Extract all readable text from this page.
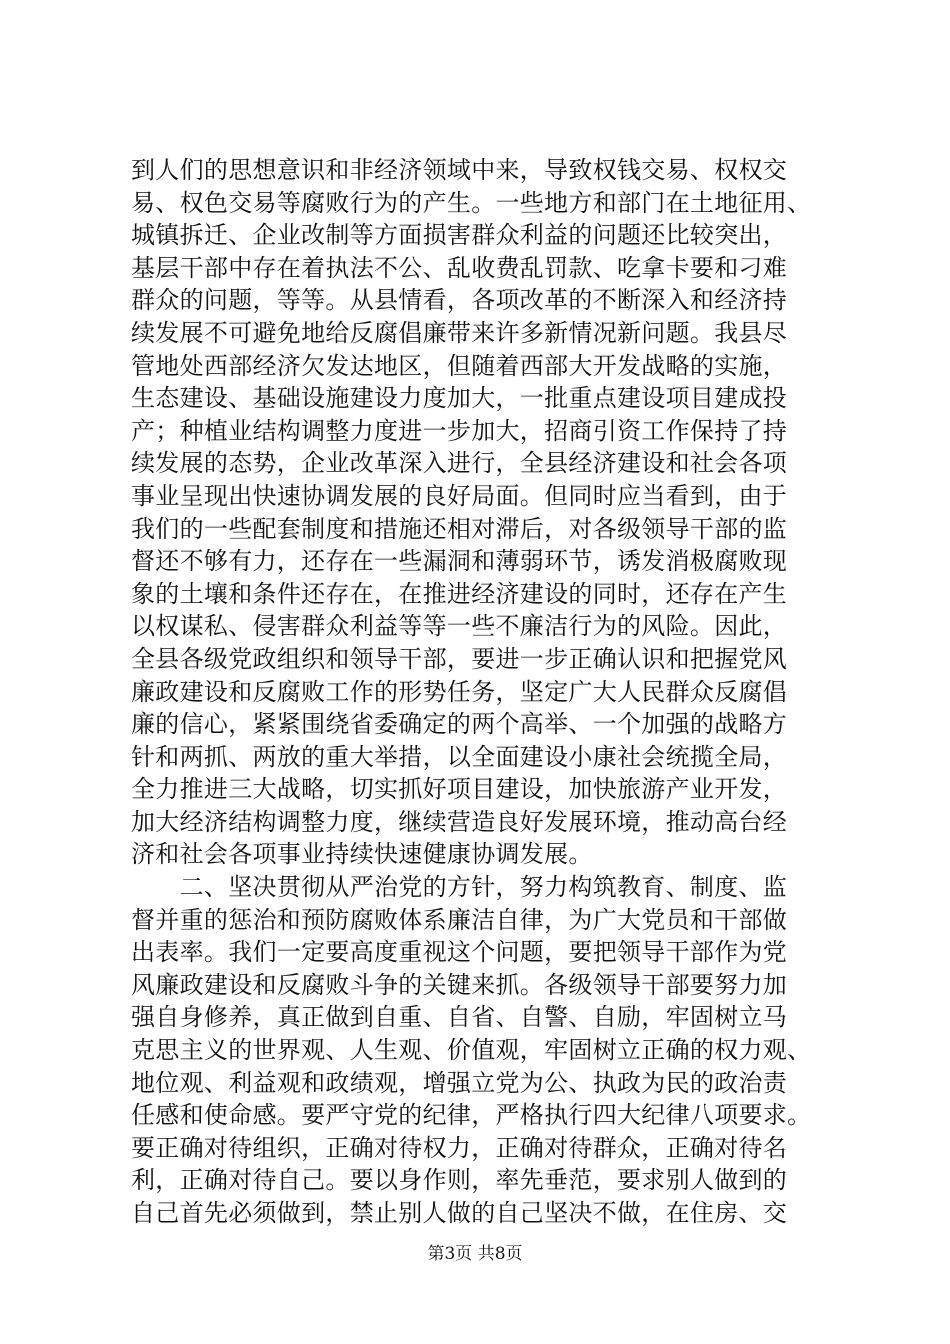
到人们的思想意识和非经济领域中来，导致权钱交易、权权交
易、权色交易等腐败行为的产生。一些地方和部门在土地征用、
城镇拆迁、企业改制等方面损害群众利益的问题还比较突出，
基层干部中存在着执法不公、乱收费乱罚款、吃拿卡要和刁难
群众的问题，等等。从县情看，各项改革的不断深入和经济持
续发展不可避免地给反腐倡廉带来许多新情况新问题。我县尽
管地处西部经济欠发达地区，但随着西部大开发战略的实施，
生态建设、基础设施建设力度加大，一批重点建设项目建成投
产；种植业结构调整力度进一步加大，招商引资工作保持了持
续发展的态势，企业改革深入进行，全县经济建设和社会各项
事业呈现出快速协调发展的良好局面。但同时应当看到，由于
我们的一些配套制度和措施还相对滞后，对各级领导干部的监
督还不够有力，还存在一些漏洞和薄弱环节，诱发消极腐败现
象的土壤和条件还存在，在推进经济建设的同时，还存在产生
以权谋私、侵害群众利益等等一些不廉洁行为的风险。因此，
全县各级党政组织和领导干部，要进一步正确认识和把握党风
廉政建设和反腐败工作的形势任务，坚定广大人民群众反腐倡
廉的信心，紧紧围绕省委确定的两个高举、一个加强的战略方
针和两抓、两放的重大举措，以全面建设小康社会统揽全局，
全力推进三大战略，切实抓好项目建设，加快旅游产业开发，
加大经济结构调整力度，继续营造良好发展环境，推动高台经
济和社会各项事业持续快速健康协调发展。
　　二、坚决贯彻从严治党的方针，努力构筑教育、制度、监
督并重的惩治和预防腐败体系廉洁自律，为广大党员和干部做
出表率。我们一定要高度重视这个问题，要把领导干部作为党
风廉政建设和反腐败斗争的关键来抓。各级领导干部要努力加
强自身修养，真正做到自重、自省、自警、自励，牢固树立马
克思主义的世界观、人生观、价值观，牢固树立正确的权力观、
地位观、利益观和政绩观，增强立党为公、执政为民的政治责
任感和使命感。要严守党的纪律，严格执行四大纪律八项要求。
要正确对待组织，正确对待权力，正确对待群众，正确对待名
利，正确对待自己。要以身作则，率先垂范，要求别人做到的
自己首先必须做到，禁止别人做的自己坚决不做，在住房、交
第3页 共8页
